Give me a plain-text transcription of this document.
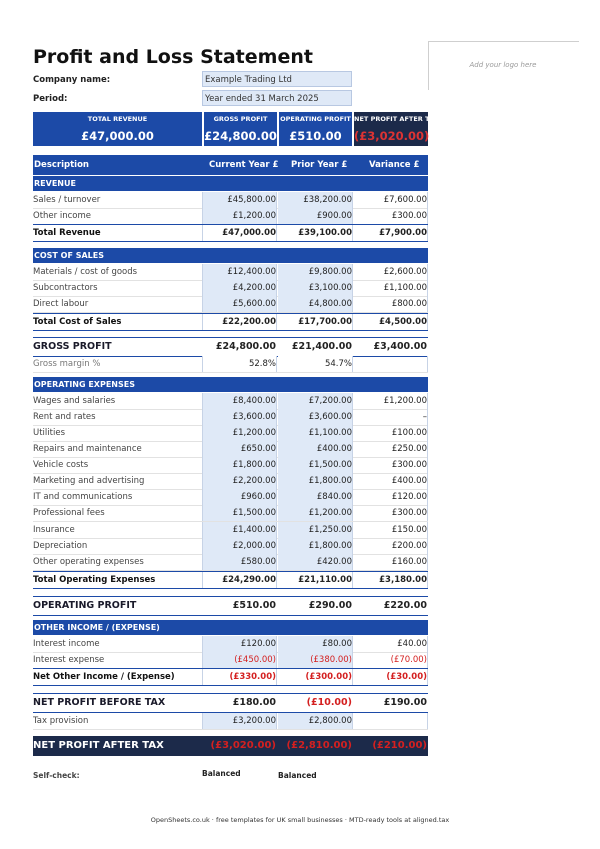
Profit and Loss Statement	Add your logo here
Company name:	Example Trading Ltd
Period:	Year ended 31 March 2025
TOTAL REVENUE
£47,000.00
GROSS PROFIT
£24,800.00
OPERATING PROFIT
£510.00
NET PROFIT AFTER TAX
(£3,020.00)
Description	Current Year £ Prior Year £	Variance £
REVENUE
Sales / turnover	£45,800.00	£38,200.00	£7,600.00
Other income	£1,200.00	£900.00	£300.00
Total Revenue	£47,000.00	£39,100.00	£7,900.00
COST OF SALES
Materials / cost of goods	£12,400.00	£9,800.00	£2,600.00
Subcontractors	£4,200.00	£3,100.00	£1,100.00
Direct labour	£5,600.00	£4,800.00	£800.00
Total Cost of Sales	£22,200.00	£17,700.00	£4,500.00
GROSS PROFIT	£24,800.00	£21,400.00	£3,400.00
Gross margin %	52.8%	54.7%
OPERATING EXPENSES
Wages and salaries	£8,400.00	£7,200.00	£1,200.00
Rent and rates	£3,600.00	£3,600.00	–
Utilities	£1,200.00	£1,100.00	£100.00
Repairs and maintenance	£650.00	£400.00	£250.00
Vehicle costs	£1,800.00	£1,500.00	£300.00
Marketing and advertising	£2,200.00	£1,800.00	£400.00
IT and communications	£960.00	£840.00	£120.00
Professional fees	£1,500.00	£1,200.00	£300.00
Insurance	£1,400.00	£1,250.00	£150.00
Depreciation	£2,000.00	£1,800.00	£200.00
Other operating expenses	£580.00	£420.00	£160.00
Total Operating Expenses	£24,290.00	£21,110.00	£3,180.00
OPERATING PROFIT	£510.00	£290.00	£220.00
OTHER INCOME / (EXPENSE)
Interest income	£120.00	£80.00	£40.00
Interest expense	(£450.00)	(£380.00)	(£70.00)
Net Other Income / (Expense)	(£330.00)	(£300.00)	(£30.00)
NET PROFIT BEFORE TAX	£180.00	(£10.00)	£190.00
Tax provision	£3,200.00	£2,800.00
NET PROFIT AFTER TAX	(£3,020.00)	(£2,810.00)	(£210.00)
Self-check:	Balanced	Balanced
OpenSheets.co.uk · free templates for UK small businesses · MTD-ready tools at aligned.tax
